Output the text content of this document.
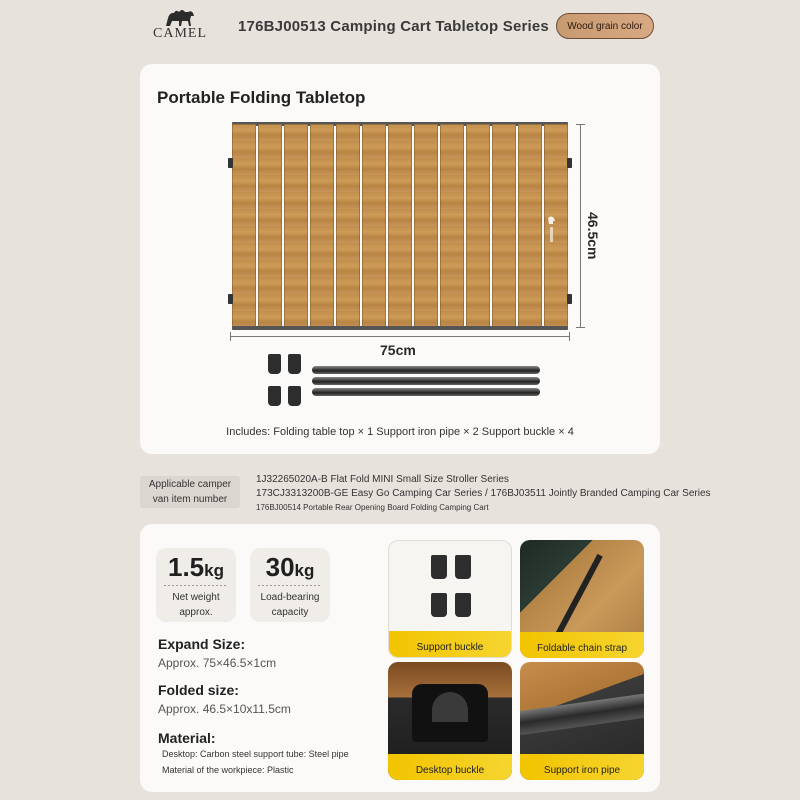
CAMEL	176BJ00513 Camping Cart Tabletop Series	Wood grain color
Portable Folding Tabletop
46.5cm
75cm
Includes: Folding table top × 1 Support iron pipe × 2 Support buckle × 4
Applicable camper van item number
1J32265020A-B Flat Fold MINI Small Size Stroller Series
173CJ3313200B-GE Easy Go Camping Car Series / 176BJ03511 Jointly Branded Camping Car Series
176BJ00514 Portable Rear Opening Board Folding Camping Cart
1.5kg
Net weight approx.
30kg
Load-bearing capacity
Expand Size:
Approx. 75×46.5×1cm
Folded size:
Approx. 46.5×10x11.5cm
Material:
Desktop: Carbon steel support tube: Steel pipe
Material of the workpiece: Plastic
Support buckle	Foldable chain strap
Desktop buckle	Support iron pipe
